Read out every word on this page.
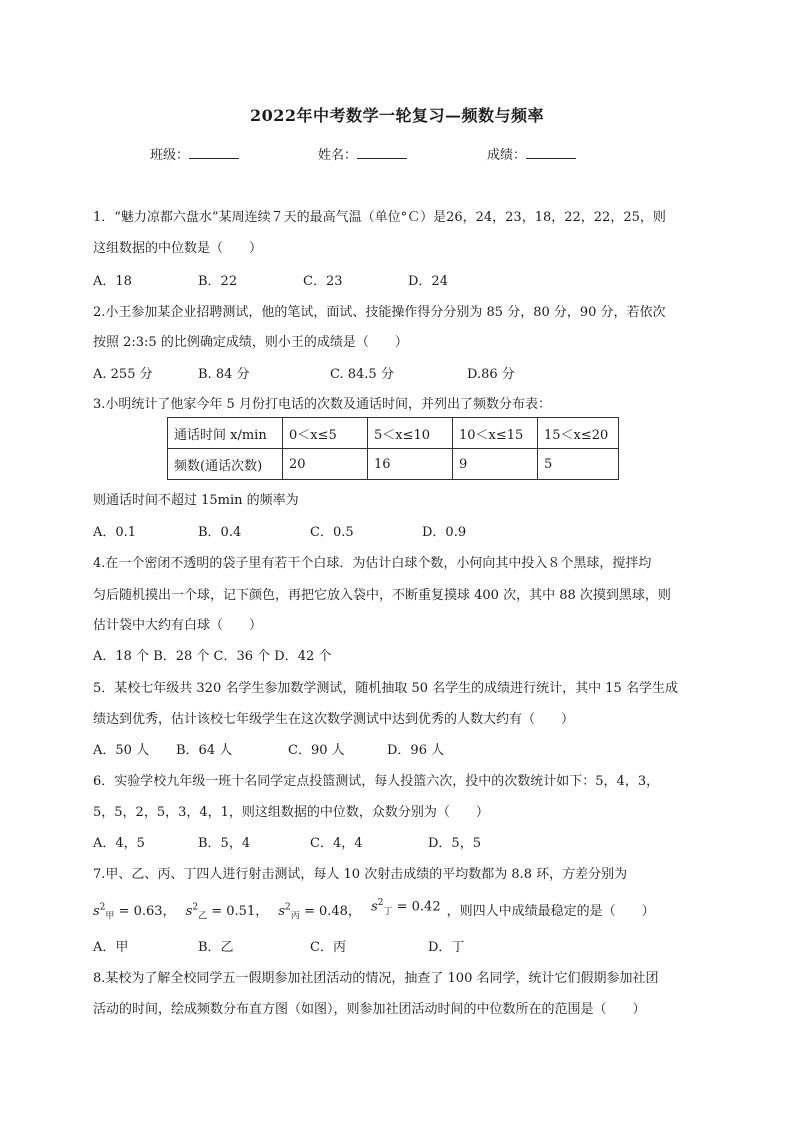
2022年中考数学一轮复习—频数与频率
班级：	姓名：	成绩：
1．“魅力凉都六盘水”某周连续７天的最高气温（单位°Ｃ）是26，24，23，18，22，22，25，则
这组数据的中位数是（　　）
A．18	B．22	C．23	D．24
2.小王参加某企业招聘测试，他的笔试，面试、技能操作得分分别为 85 分，80 分，90 分，若依次
按照 2:3:5 的比例确定成绩，则小王的成绩是（　　）
A. 255 分	B. 84 分	C. 84.5 分	D.86 分
3.小明统计了他家今年 5 月份打电话的次数及通话时间，并列出了频数分布表：
通话时间 x/min	0＜x≤5	5＜x≤10	10＜x≤15	15＜x≤20
频数(通话次数)	20	16	9	5
则通话时间不超过 15min 的频率为
A．0.1	B．0.4	C．0.5	D．0.9
4.在一个密闭不透明的袋子里有若干个白球．为估计白球个数，小何向其中投入８个黑球，搅拌均
匀后随机摸出一个球，记下颜色，再把它放入袋中，不断重复摸球 400 次，其中 88 次摸到黑球，则
估计袋中大约有白球（　　）
A．18 个 B．28 个 C．36 个 D．42 个
5．某校七年级共 320 名学生参加数学测试，随机抽取 50 名学生的成绩进行统计，其中 15 名学生成
绩达到优秀，估计该校七年级学生在这次数学测试中达到优秀的人数大约有（　　）
A．50 人 B．64 人	C．90 人	D．96 人
6．实验学校九年级一班十名同学定点投篮测试，每人投篮六次，投中的次数统计如下：5，4，3，
5，5，2，5，3，4，1，则这组数据的中位数，众数分别为（　　）
A．4，5	B．5，4	C．4，4	D．5，5
7.甲、乙、丙、丁四人进行射击测试，每人 10 次射击成绩的平均数都为 8.8 环，方差分别为
$s^2_甲 = 0.63$， $s^2_乙 = 0.51$， $s^2_丙 = 0.48$， $s^2_丁 = 0.42$ ，则四人中成绩最稳定的是（　　）
A．甲	B．乙	C．丙	D．丁
8.某校为了解全校同学五一假期参加社团活动的情况，抽查了 100 名同学，统计它们假期参加社团
活动的时间，绘成频数分布直方图（如图），则参加社团活动时间的中位数所在的范围是（　　）
